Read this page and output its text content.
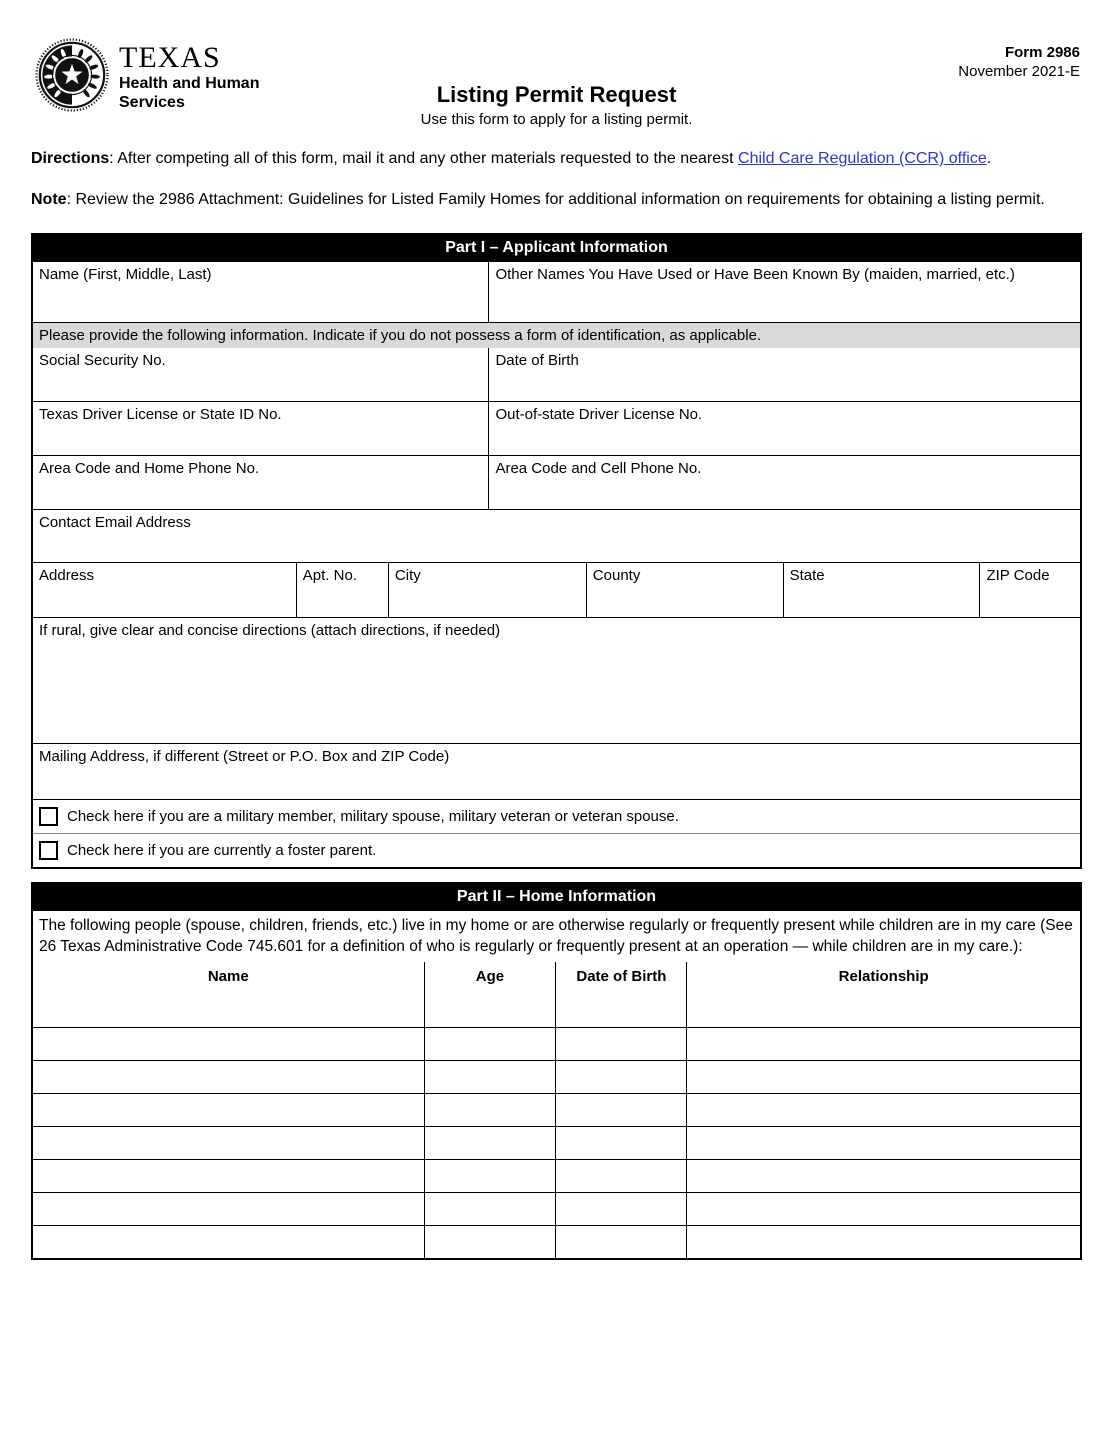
TEXAS
Health and Human
Services
Form 2986
November 2021-E
Listing Permit Request
Use this form to apply for a listing permit.

Directions: After competing all of this form, mail it and any other materials requested to the nearest Child Care Regulation (CCR) office.

Note: Review the 2986 Attachment: Guidelines for Listed Family Homes for additional information on requirements for obtaining a listing permit.

Part I – Applicant Information
Name (First, Middle, Last)	Other Names You Have Used or Have Been Known By (maiden, married, etc.)
Please provide the following information. Indicate if you do not possess a form of identification, as applicable.
Social Security No.	Date of Birth
Texas Driver License or State ID No.	Out-of-state Driver License No.
Area Code and Home Phone No.	Area Code and Cell Phone No.
Contact Email Address
Address	Apt. No.	City	County	State	ZIP Code
If rural, give clear and concise directions (attach directions, if needed)
Mailing Address, if different (Street or P.O. Box and ZIP Code)
Check here if you are a military member, military spouse, military veteran or veteran spouse.
Check here if you are currently a foster parent.
Part II – Home Information
The following people (spouse, children, friends, etc.) live in my home or are otherwise regularly or frequently present while children are in my care (See 26 Texas Administrative Code 745.601 for a definition of who is regularly or frequently present at an operation — while children are in my care.):
Name	Age	Date of Birth	Relationship
